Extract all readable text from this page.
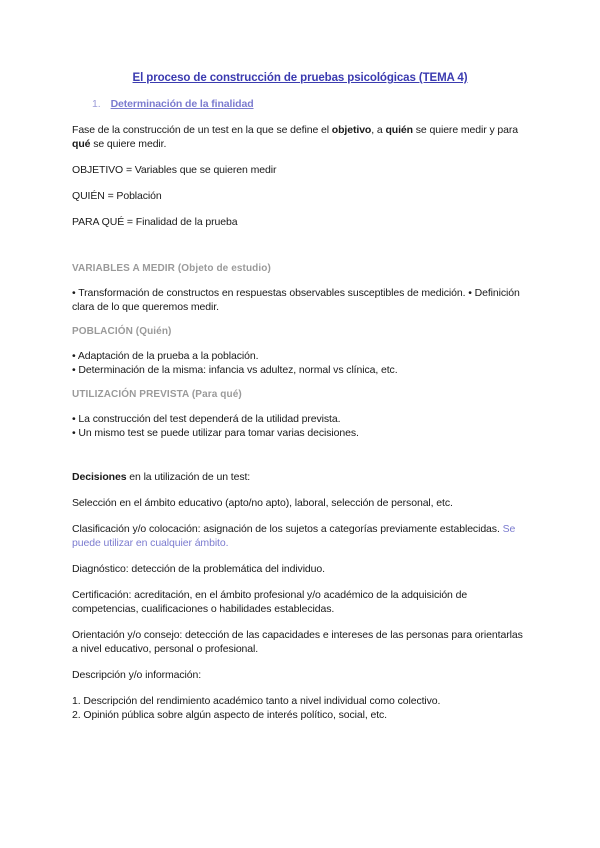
El proceso de construcción de pruebas psicológicas (TEMA 4)
1. Determinación de la finalidad

Fase de la construcción de un test en la que se define el objetivo, a quién se quiere medir y para qué se quiere medir.

OBJETIVO = Variables que se quieren medir

QUIÉN = Población

PARA QUÉ = Finalidad de la prueba

VARIABLES A MEDIR (Objeto de estudio)

• Transformación de constructos en respuestas observables susceptibles de medición. • Definición clara de lo que queremos medir.

POBLACIÓN (Quién)
• Adaptación de la prueba a la población.
• Determinación de la misma: infancia vs adultez, normal vs clínica, etc.
UTILIZACIÓN PREVISTA (Para qué)
• La construcción del test dependerá de la utilidad prevista.
• Un mismo test se puede utilizar para tomar varias decisiones.

Decisiones en la utilización de un test:

Selección en el ámbito educativo (apto/no apto), laboral, selección de personal, etc.

Clasificación y/o colocación: asignación de los sujetos a categorías previamente establecidas. Se puede utilizar en cualquier ámbito.

Diagnóstico: detección de la problemática del individuo.

Certificación: acreditación, en el ámbito profesional y/o académico de la adquisición de competencias, cualificaciones o habilidades establecidas.

Orientación y/o consejo: detección de las capacidades e intereses de las personas para orientarlas a nivel educativo, personal o profesional.

Descripción y/o información:

1. Descripción del rendimiento académico tanto a nivel individual como colectivo.
2. Opinión pública sobre algún aspecto de interés político, social, etc.
